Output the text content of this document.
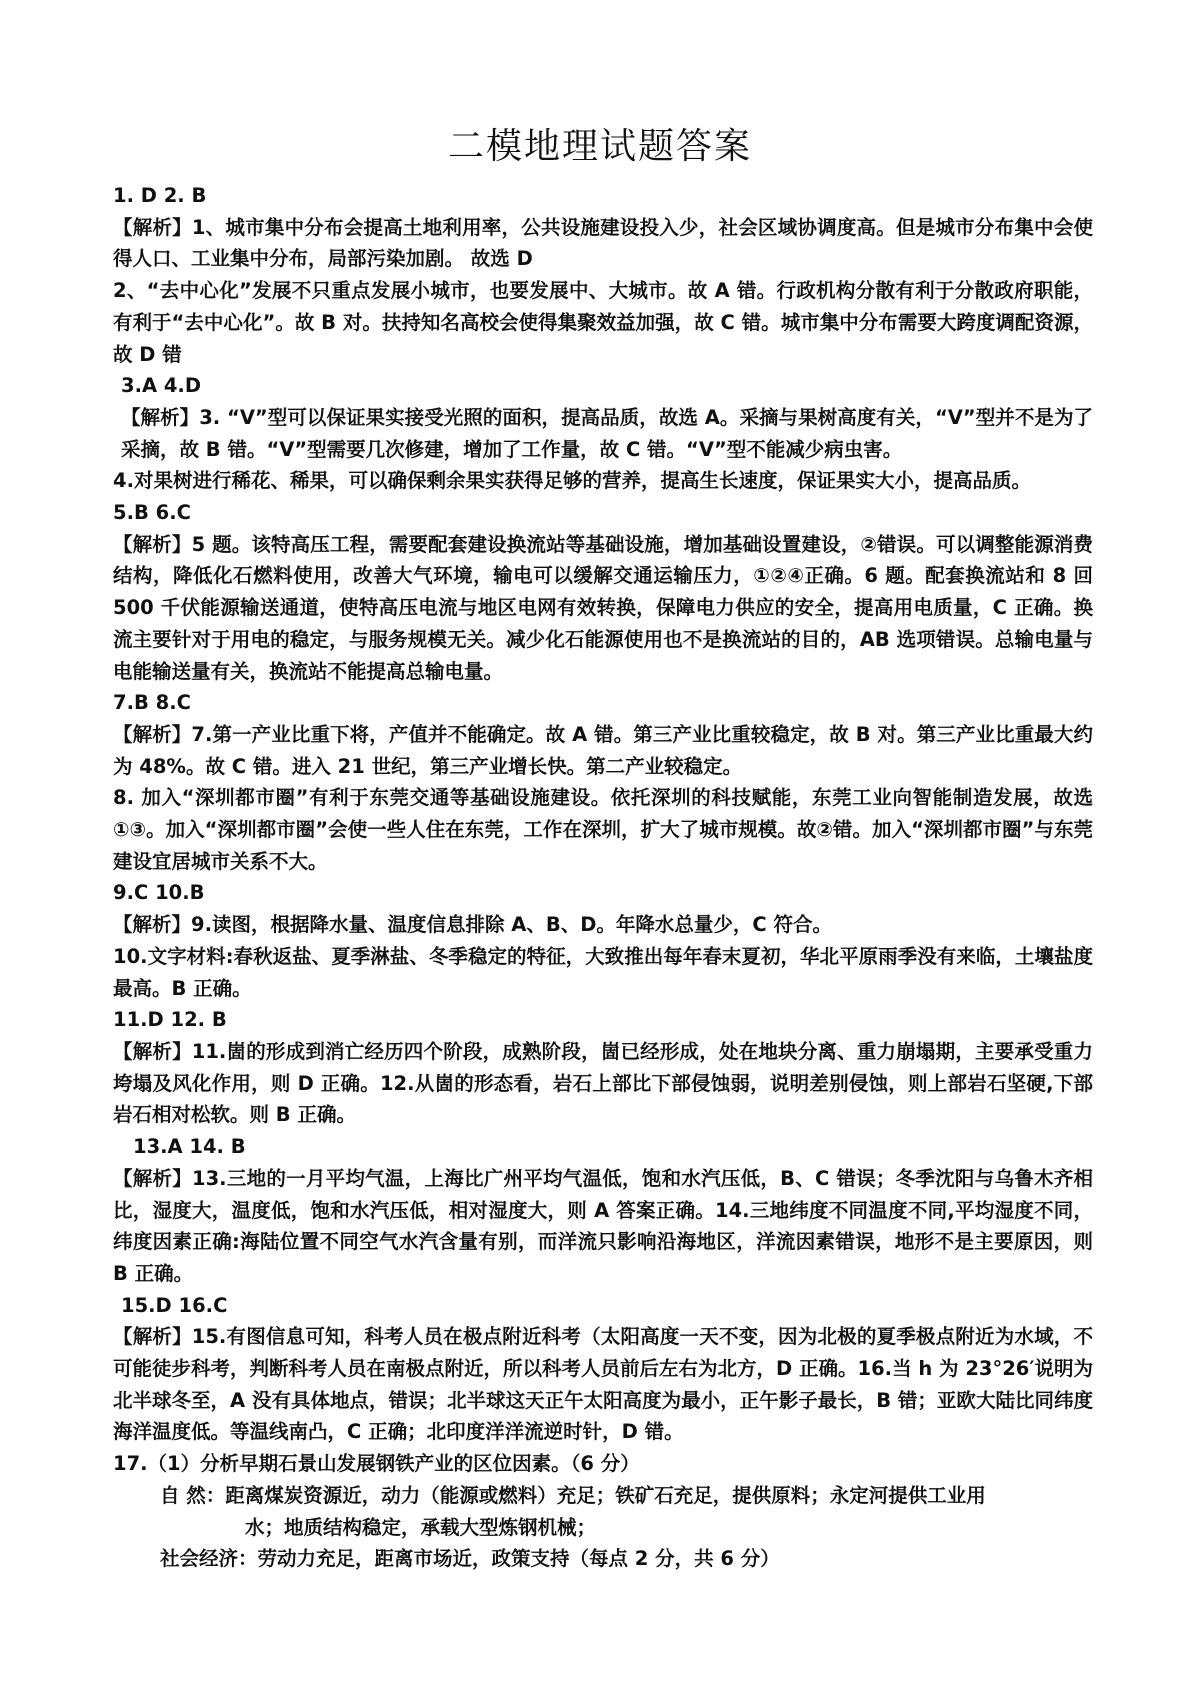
二模地理试题答案

1. D 2. B

【解析】1、城市集中分布会提高土地利用率，公共设施建设投入少，社会区域协调度高。但是城市分布集中会使得人口、工业集中分布，局部污染加剧。 故选 D

2、“去中心化”发展不只重点发展小城市，也要发展中、大城市。故 A 错。行政机构分散有利于分散政府职能，有利于“去中心化”。故 B 对。扶持知名高校会使得集聚效益加强，故 C 错。城市集中分布需要大跨度调配资源，故 D 错

3.A 4.D

【解析】3. “V”型可以保证果实接受光照的面积，提高品质，故选 A。采摘与果树高度有关，“V”型并不是为了采摘，故 B 错。“V”型需要几次修建，增加了工作量，故 C 错。“V”型不能减少病虫害。

4.对果树进行稀花、稀果，可以确保剩余果实获得足够的营养，提高生长速度，保证果实大小，提高品质。

5.B 6.C

【解析】5 题。该特高压工程，需要配套建设换流站等基础设施，增加基础设置建设，②错误。可以调整能源消费结构，降低化石燃料使用，改善大气环境，输电可以缓解交通运输压力，①②④正确。6 题。配套换流站和 8 回 500 千伏能源输送通道，使特高压电流与地区电网有效转换，保障电力供应的安全，提高用电质量，C 正确。换流主要针对于用电的稳定，与服务规模无关。减少化石能源使用也不是换流站的目的，AB 选项错误。总输电量与电能输送量有关，换流站不能提高总输电量。

7.B 8.C

【解析】7.第一产业比重下将，产值并不能确定。故 A 错。第三产业比重较稳定，故 B 对。第三产业比重最大约为 48%。故 C 错。进入 21 世纪，第三产业增长快。第二产业较稳定。

8. 加入“深圳都市圈”有利于东莞交通等基础设施建设。依托深圳的科技赋能，东莞工业向智能制造发展，故选①③。加入“深圳都市圈”会使一些人住在东莞，工作在深圳，扩大了城市规模。故②错。加入“深圳都市圈”与东莞建设宜居城市关系不大。

9.C 10.B

【解析】9.读图，根据降水量、温度信息排除 A、B、D。年降水总量少，C 符合。

10.文字材料:春秋返盐、夏季淋盐、冬季稳定的特征，大致推出每年春末夏初，华北平原雨季没有来临，土壤盐度最高。B 正确。

11.D 12. B

【解析】11.崮的形成到消亡经历四个阶段，成熟阶段，崮已经形成，处在地块分离、重力崩塌期，主要承受重力垮塌及风化作用，则 D 正确。12.从崮的形态看，岩石上部比下部侵蚀弱，说明差别侵蚀，则上部岩石坚硬,下部岩石相对松软。则 B 正确。

13.A 14. B

【解析】13.三地的一月平均气温，上海比广州平均气温低，饱和水汽压低，B、C 错误；冬季沈阳与乌鲁木齐相比，湿度大，温度低，饱和水汽压低，相对湿度大，则 A 答案正确。14.三地纬度不同温度不同,平均湿度不同，纬度因素正确:海陆位置不同空气水汽含量有别，而洋流只影响沿海地区，洋流因素错误，地形不是主要原因，则 B 正确。

15.D 16.C

【解析】15.有图信息可知，科考人员在极点附近科考（太阳高度一天不变，因为北极的夏季极点附近为水域，不可能徒步科考，判断科考人员在南极点附近，所以科考人员前后左右为北方，D 正确。16.当 h 为 23°26′说明为北半球冬至，A 没有具体地点，错误；北半球这天正午太阳高度为最小，正午影子最长，B 错；亚欧大陆比同纬度海洋温度低。等温线南凸，C 正确；北印度洋洋流逆时针，D 错。

17.（1）分析早期石景山发展钢铁产业的区位因素。（6 分）

自 然：距离煤炭资源近，动力（能源或燃料）充足；铁矿石充足，提供原料；永定河提供工业用

水；地质结构稳定，承载大型炼钢机械；

社会经济：劳动力充足，距离市场近，政策支持（每点 2 分，共 6 分）
